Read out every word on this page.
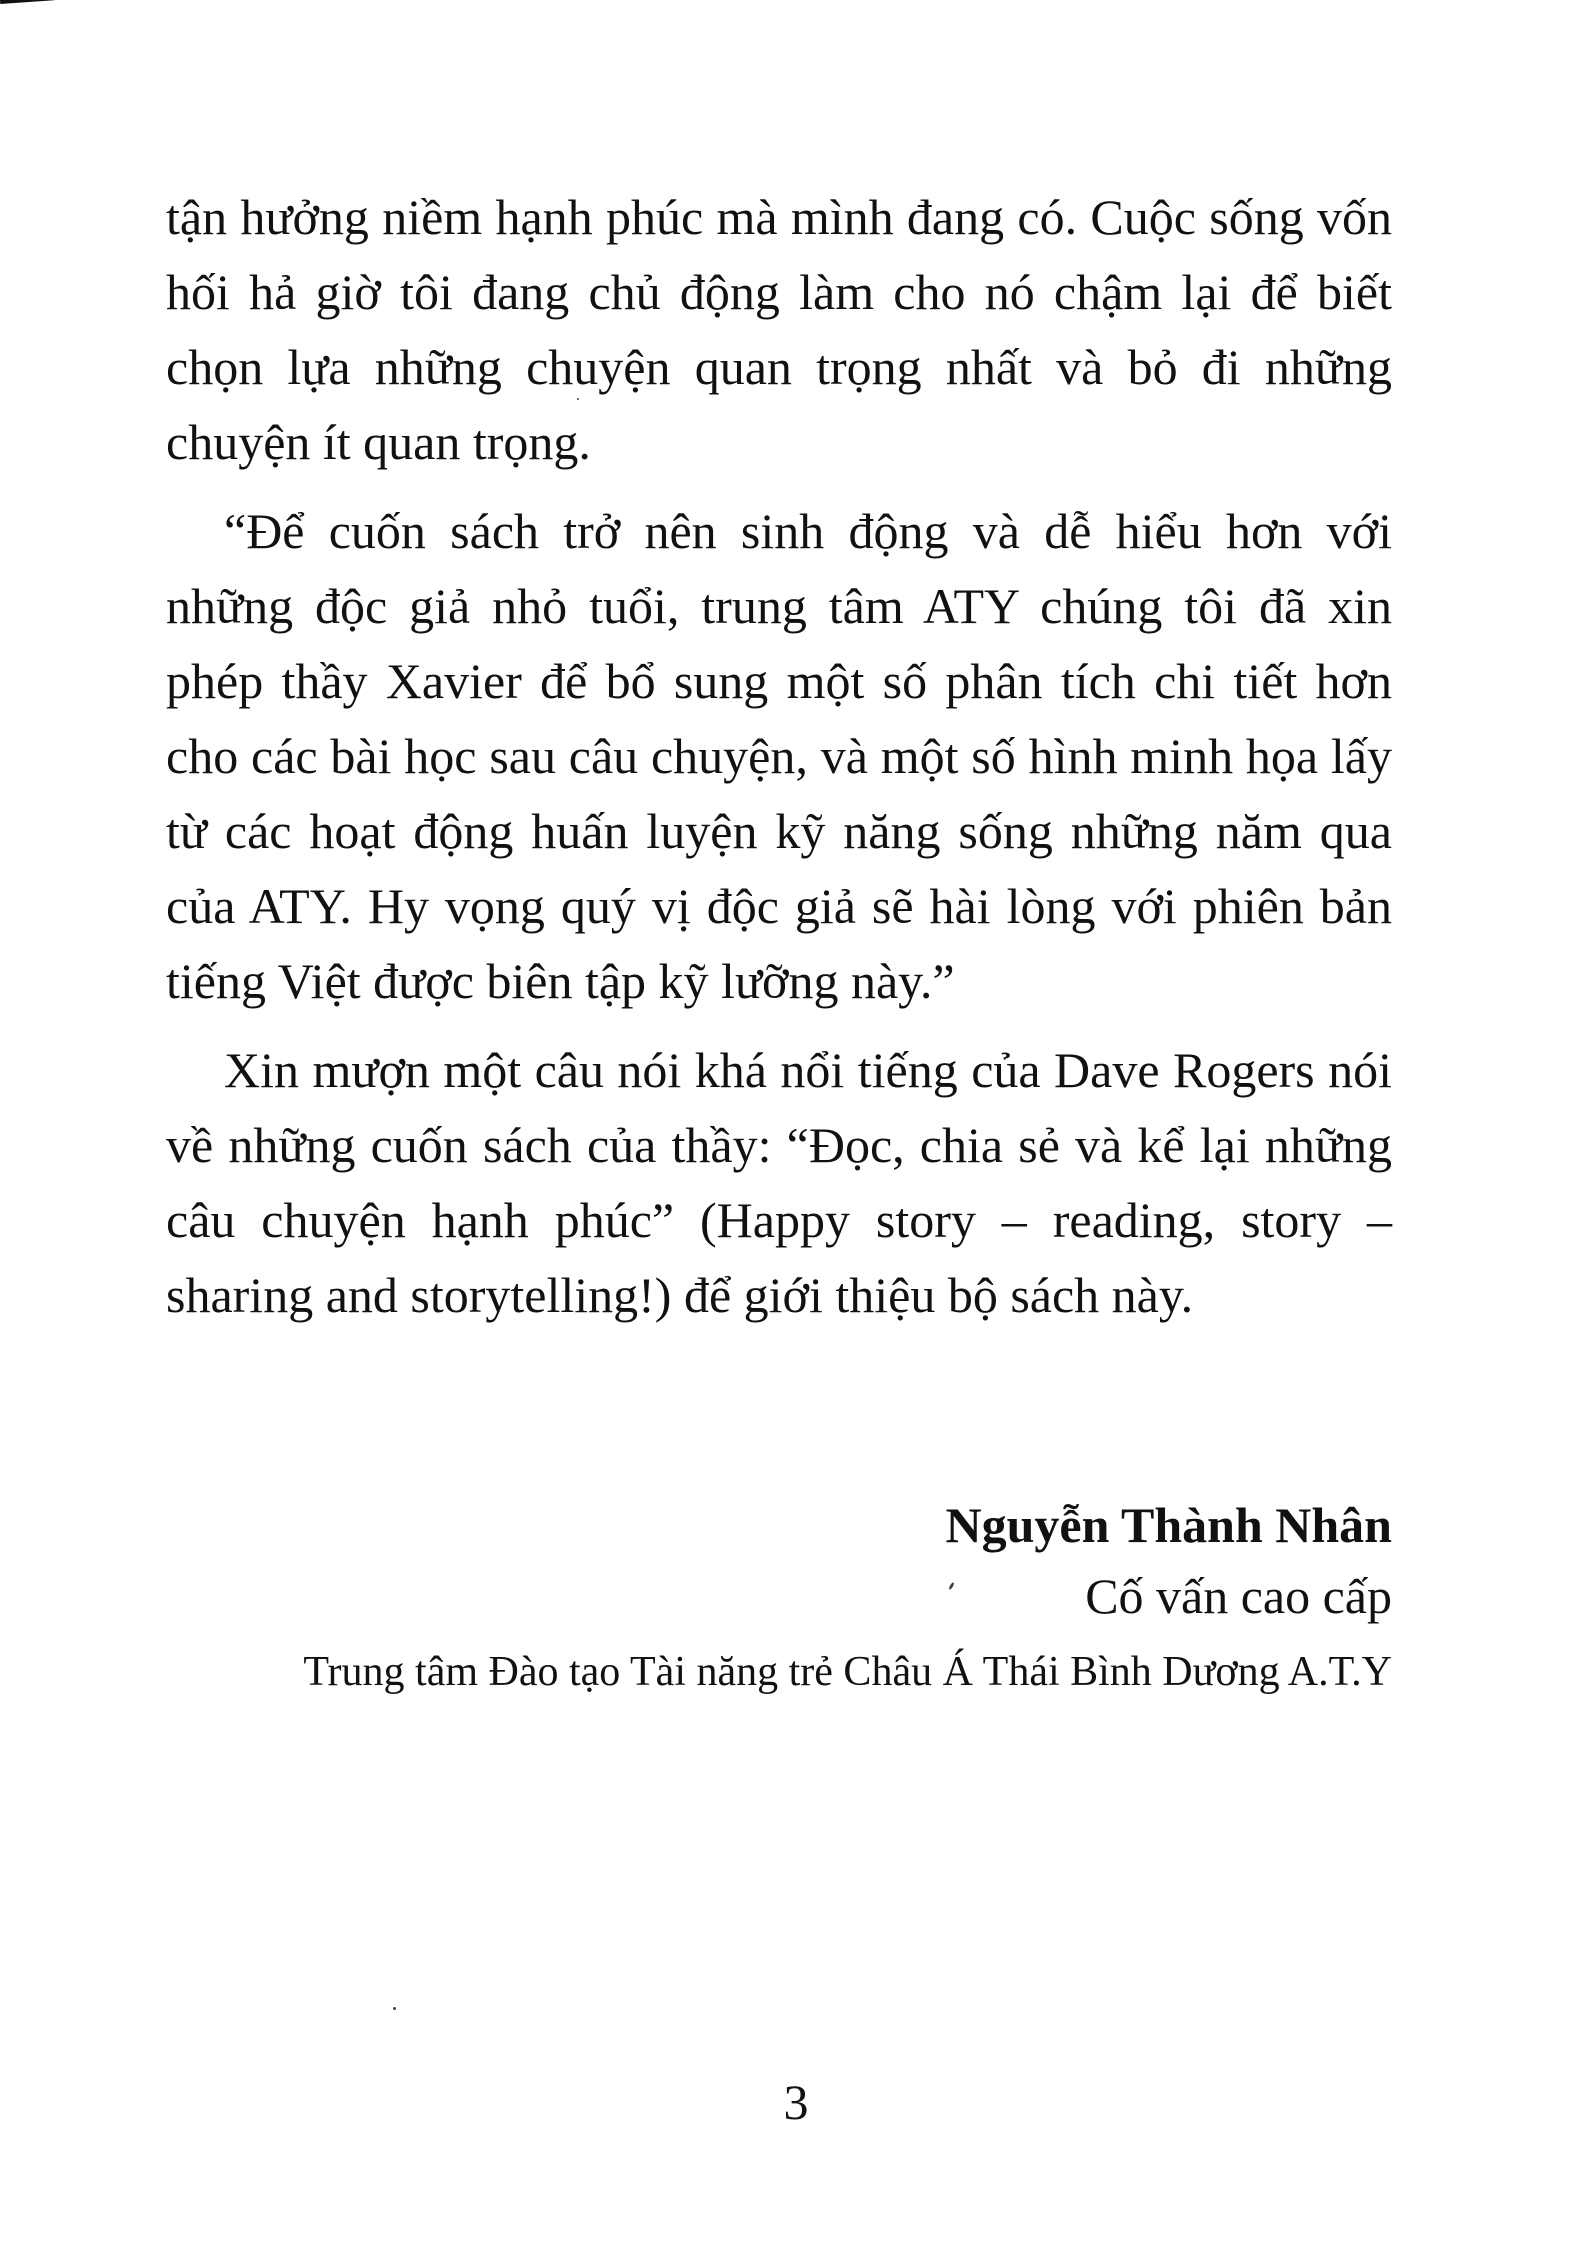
tận hưởng niềm hạnh phúc mà mình đang có. Cuộc sống vốn hối hả giờ tôi đang chủ động làm cho nó chậm lại để biết chọn lựa những chuyện quan trọng nhất và bỏ đi những chuyện ít quan trọng.

“Để cuốn sách trở nên sinh động và dễ hiểu hơn với những độc giả nhỏ tuổi, trung tâm ATY chúng tôi đã xin phép thầy Xavier để bổ sung một số phân tích chi tiết hơn cho các bài học sau câu chuyện, và một số hình minh họa lấy từ các hoạt động huấn luyện kỹ năng sống những năm qua của ATY. Hy vọng quý vị độc giả sẽ hài lòng với phiên bản tiếng Việt được biên tập kỹ lưỡng này.”

Xin mượn một câu nói khá nổi tiếng của Dave Rogers nói về những cuốn sách của thầy: “Đọc, chia sẻ và kể lại những câu chuyện hạnh phúc” (Happy story – reading, story – sharing and storytelling!) để giới thiệu bộ sách này.

Nguyễn Thành Nhân
Cố vấn cao cấp
Trung tâm Đào tạo Tài năng trẻ Châu Á Thái Bình Dương A.T.Y
3
